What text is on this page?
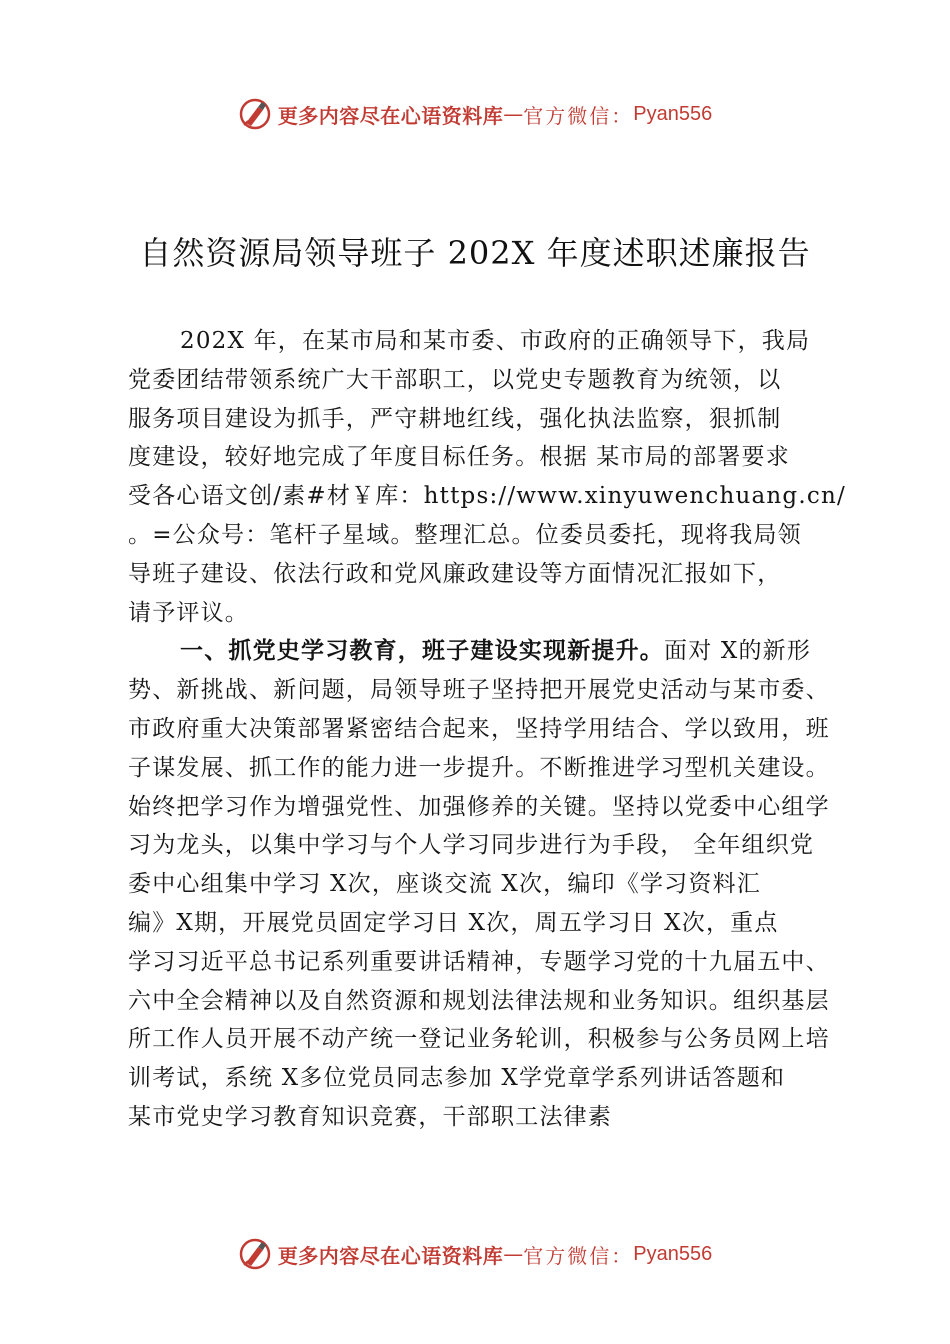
更多内容尽在心语资料库 — 官方微信： Pyan556
自然资源局领导班子 202X 年度述职述廉报告
202X 年，在某市局和某市委、市政府的正确领导下，我局
党委团结带领系统广大干部职工，以党史专题教育为统领，以
服务项目建设为抓手，严守耕地红线，强化执法监察，狠抓制
度建设，较好地完成了年度目标任务。根据 某市局的部署要求
受各心语文创/素#材￥库：https://www.xinyuwenchuang.cn/
。=公众号：笔杆子星域。整理汇总。位委员委托，现将我局领
导班子建设、依法行政和党风廉政建设等方面情况汇报如下，
请予评议。
一、抓党史学习教育，班子建设实现新提升。面对 X的新形
势、新挑战、新问题，局领导班子坚持把开展党史活动与某市委、
市政府重大决策部署紧密结合起来，坚持学用结合、学以致用，班
子谋发展、抓工作的能力进一步提升。不断推进学习型机关建设。
始终把学习作为增强党性、加强修养的关键。坚持以党委中心组学
习为龙头，以集中学习与个人学习同步进行为手段， 全年组织党
委中心组集中学习 X次，座谈交流 X次，编印《学习资料汇
编》X期，开展党员固定学习日 X次，周五学习日 X次，重点
学习习近平总书记系列重要讲话精神，专题学习党的十九届五中、
六中全会精神以及自然资源和规划法律法规和业务知识。组织基层
所工作人员开展不动产统一登记业务轮训，积极参与公务员网上培
训考试，系统 X多位党员同志参加 X学党章学系列讲话答题和
某市党史学习教育知识竞赛，干部职工法律素
更多内容尽在心语资料库 — 官方微信： Pyan556
